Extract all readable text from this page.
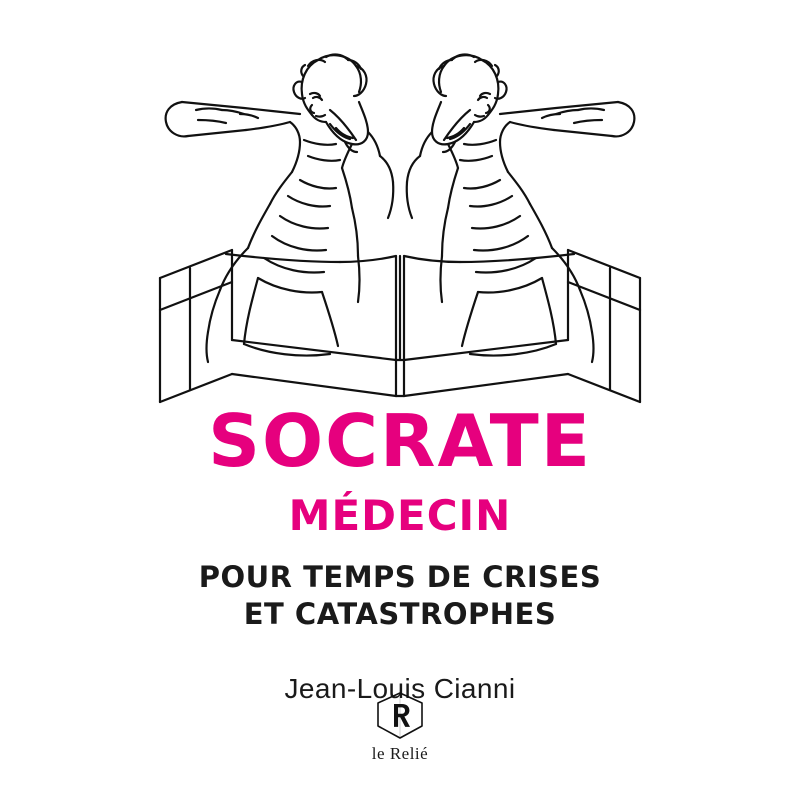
SOCRATE
MÉDECIN
POUR TEMPS DE CRISES
ET CATASTROPHES
Jean-Louis Cianni
le Relié
